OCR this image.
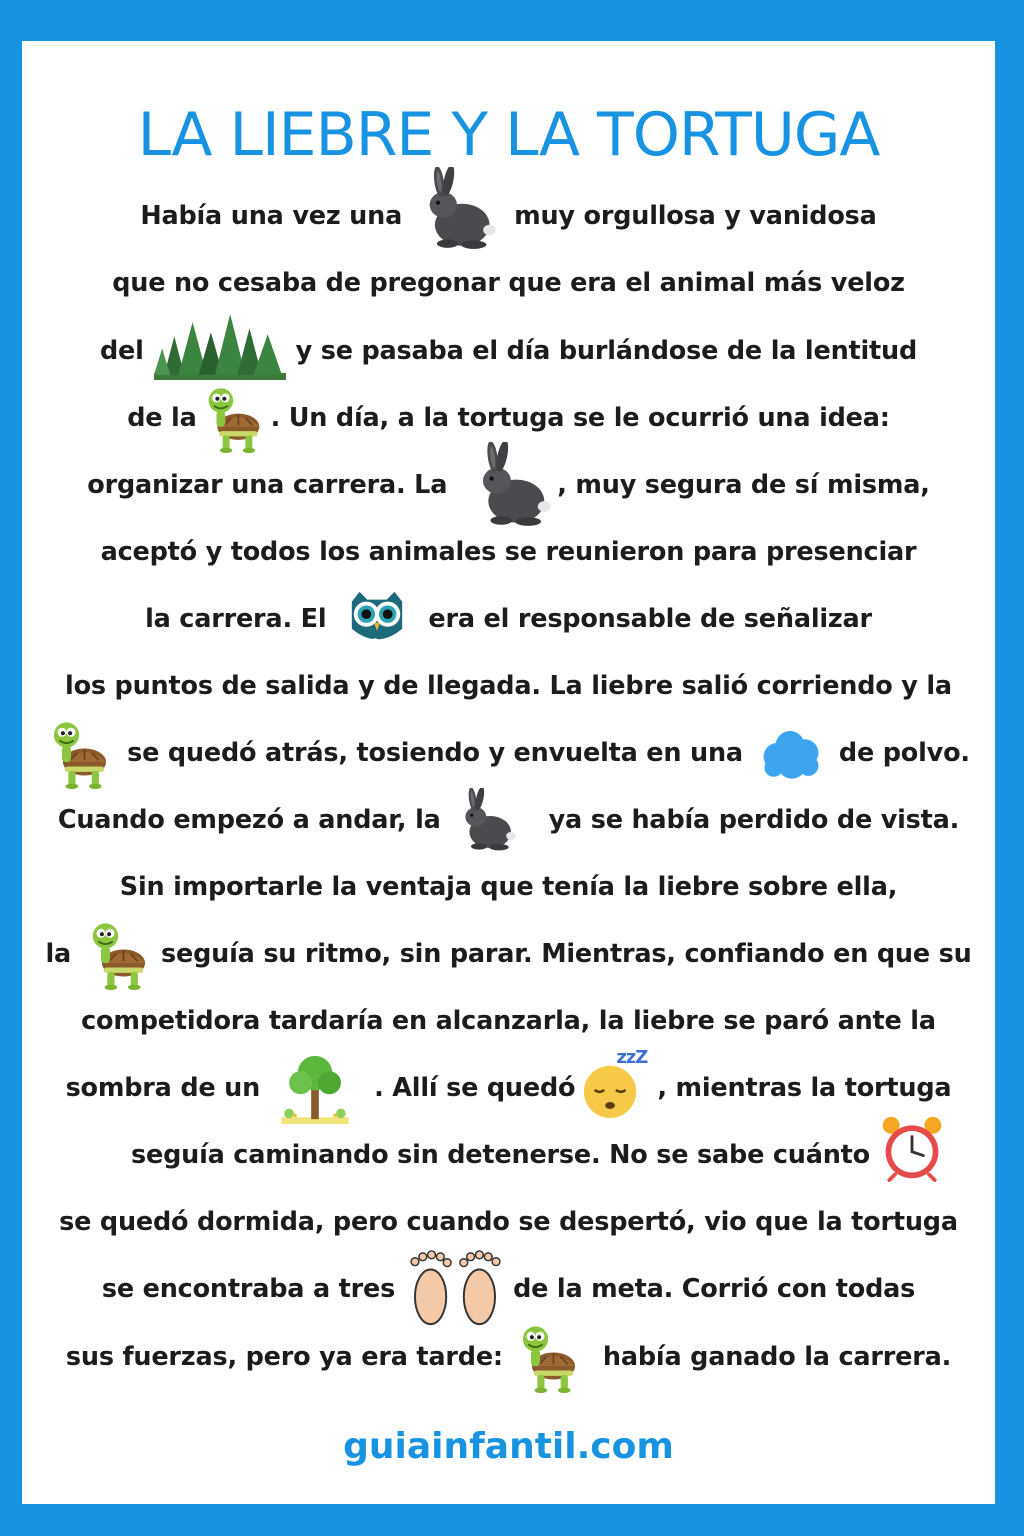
LA LIEBRE Y LA TORTUGA
Había una vez una	muy orgullosa y vanidosa
que no cesaba de pregonar que era el animal más veloz
del	y se pasaba el día burlándose de la lentitud
de la	. Un día, a la tortuga se le ocurrió una idea:
organizar una carrera. La	, muy segura de sí misma,
aceptó y todos los animales se reunieron para presenciar
la carrera. El	era el responsable de señalizar
los puntos de salida y de llegada. La liebre salió corriendo y la
se quedó atrás, tosiendo y envuelta en una	de polvo.
Cuando empezó a andar, la	ya se había perdido de vista.
Sin importarle la ventaja que tenía la liebre sobre ella,
la	seguía su ritmo, sin parar. Mientras, confiando en que su
competidora tardaría en alcanzarla, la liebre se paró ante la
sombra de un	. Allí se quedó
zzZ
, mientras la tortuga
seguía caminando sin detenerse. No se sabe cuánto
se quedó dormida, pero cuando se despertó, vio que la tortuga
se encontraba a tres	de la meta. Corrió con todas
sus fuerzas, pero ya era tarde:	había ganado la carrera.
guiainfantil.com
